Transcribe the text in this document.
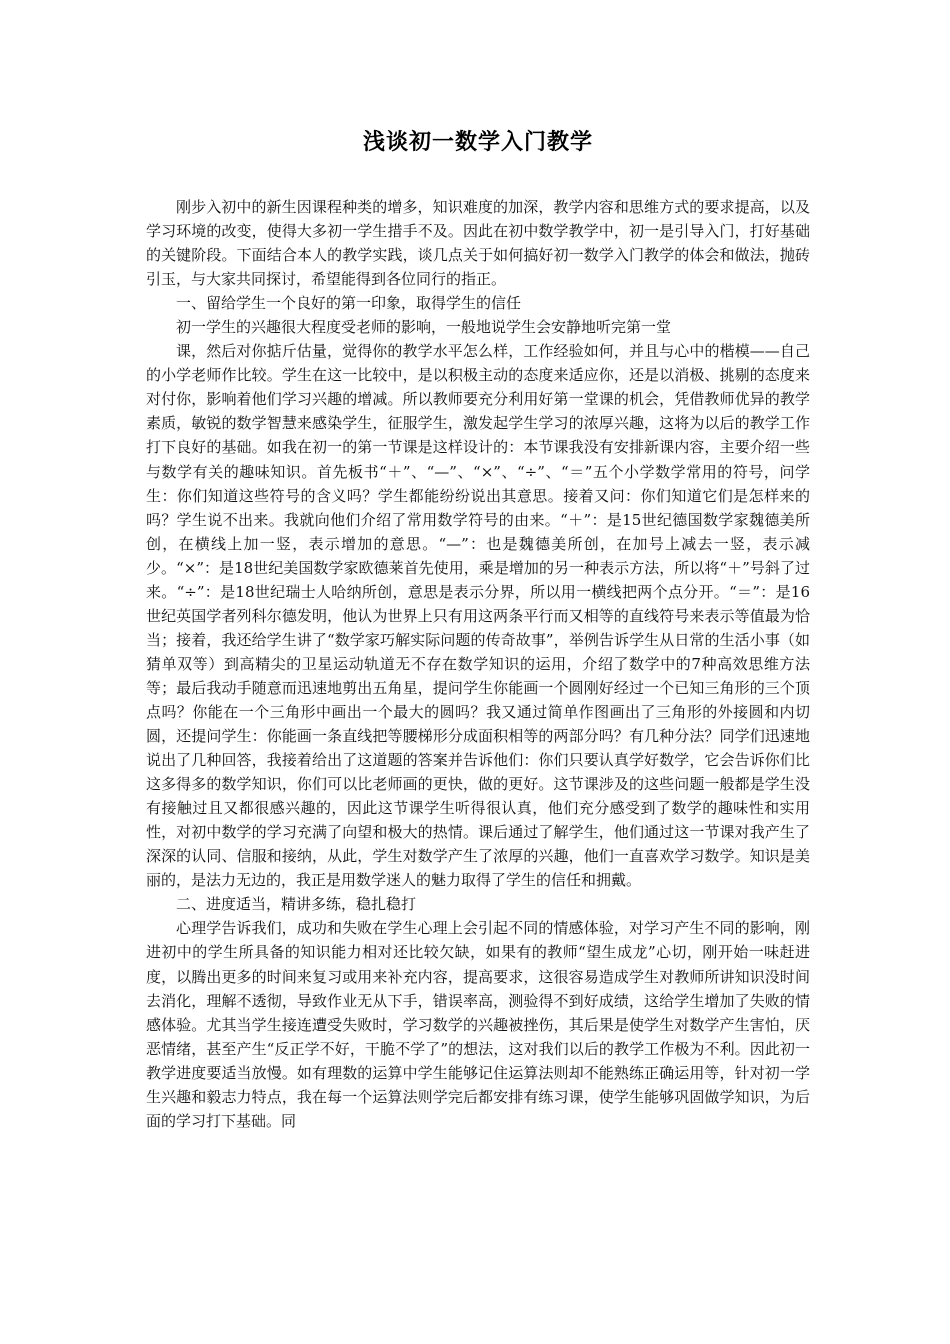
浅谈初一数学入门教学

刚步入初中的新生因课程种类的增多，知识难度的加深，教学内容和思维方式的要求提高，以及学习环境的改变，使得大多初一学生措手不及。因此在初中数学教学中，初一是引导入门，打好基础的关键阶段。下面结合本人的教学实践，谈几点关于如何搞好初一数学入门教学的体会和做法，抛砖引玉，与大家共同探讨，希望能得到各位同行的指正。

一、留给学生一个良好的第一印象，取得学生的信任

初一学生的兴趣很大程度受老师的影响，一般地说学生会安静地听完第一堂

课，然后对你掂斤估量，觉得你的教学水平怎么样，工作经验如何，并且与心中的楷模——自己的小学老师作比较。学生在这一比较中，是以积极主动的态度来适应你，还是以消极、挑剔的态度来对付你，影响着他们学习兴趣的增减。所以教师要充分利用好第一堂课的机会，凭借教师优异的教学素质，敏锐的数学智慧来感染学生，征服学生，激发起学生学习的浓厚兴趣，这将为以后的教学工作打下良好的基础。如我在初一的第一节课是这样设计的：本节课我没有安排新课内容，主要介绍一些与数学有关的趣味知识。首先板书“＋”、“—”、“×”、“÷”、“＝”五个小学数学常用的符号，问学生：你们知道这些符号的含义吗？学生都能纷纷说出其意思。接着又问：你们知道它们是怎样来的吗？学生说不出来。我就向他们介绍了常用数学符号的由来。“＋”：是15世纪德国数学家魏德美所创，在横线上加一竖，表示增加的意思。“—”：也是魏德美所创，在加号上减去一竖，表示减少。“×”：是18世纪美国数学家欧德莱首先使用，乘是增加的另一种表示方法，所以将“＋”号斜了过来。“÷”：是18世纪瑞士人哈纳所创，意思是表示分界，所以用一横线把两个点分开。“＝”：是16世纪英国学者列科尔德发明，他认为世界上只有用这两条平行而又相等的直线符号来表示等值最为恰当；接着，我还给学生讲了“数学家巧解实际问题的传奇故事”，举例告诉学生从日常的生活小事（如猜单双等）到高精尖的卫星运动轨道无不存在数学知识的运用，介绍了数学中的7种高效思维方法等；最后我动手随意而迅速地剪出五角星，提问学生你能画一个圆刚好经过一个已知三角形的三个顶点吗？你能在一个三角形中画出一个最大的圆吗？我又通过简单作图画出了三角形的外接圆和内切圆，还提问学生：你能画一条直线把等腰梯形分成面积相等的两部分吗？有几种分法？同学们迅速地说出了几种回答，我接着给出了这道题的答案并告诉他们：你们只要认真学好数学，它会告诉你们比这多得多的数学知识，你们可以比老师画的更快，做的更好。这节课涉及的这些问题一般都是学生没有接触过且又都很感兴趣的，因此这节课学生听得很认真，他们充分感受到了数学的趣味性和实用性，对初中数学的学习充满了向望和极大的热情。课后通过了解学生，他们通过这一节课对我产生了深深的认同、信服和接纳，从此，学生对数学产生了浓厚的兴趣，他们一直喜欢学习数学。知识是美丽的，是法力无边的，我正是用数学迷人的魅力取得了学生的信任和拥戴。

二、进度适当，精讲多练，稳扎稳打

心理学告诉我们，成功和失败在学生心理上会引起不同的情感体验，对学习产生不同的影响，刚进初中的学生所具备的知识能力相对还比较欠缺，如果有的教师“望生成龙”心切，刚开始一味赶进度，以腾出更多的时间来复习或用来补充内容，提高要求，这很容易造成学生对教师所讲知识没时间去消化，理解不透彻，导致作业无从下手，错误率高，测验得不到好成绩，这给学生增加了失败的情感体验。尤其当学生接连遭受失败时，学习数学的兴趣被挫伤，其后果是使学生对数学产生害怕，厌恶情绪，甚至产生“反正学不好，干脆不学了”的想法，这对我们以后的教学工作极为不利。因此初一教学进度要适当放慢。如有理数的运算中学生能够记住运算法则却不能熟练正确运用等，针对初一学生兴趣和毅志力特点，我在每一个运算法则学完后都安排有练习课，使学生能够巩固做学知识，为后面的学习打下基础。同
